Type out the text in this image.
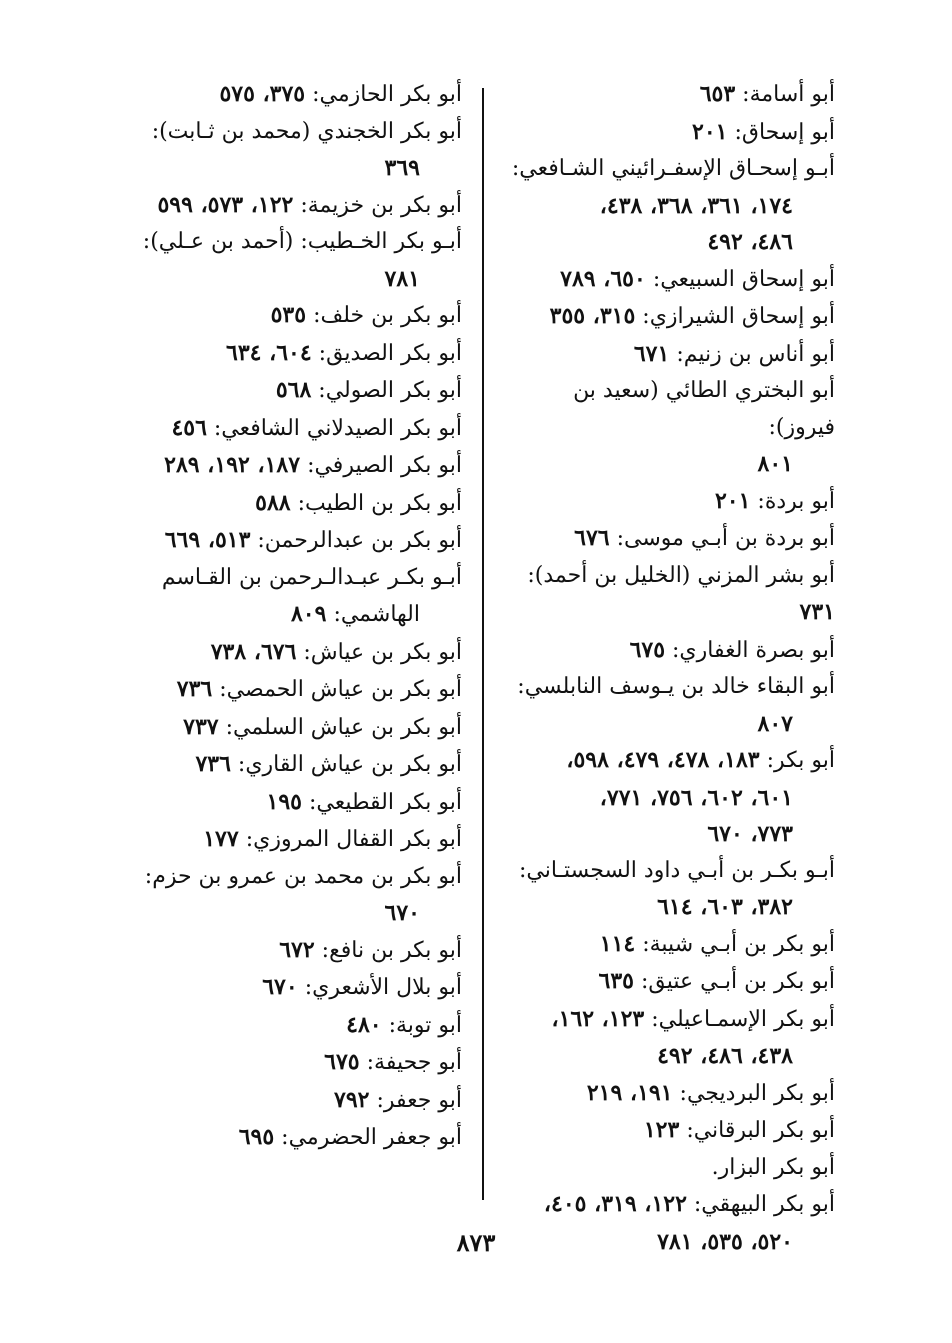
أبو أسامة: ٦٥٣
أبو إسحاق: ٢٠١
أبـو إسحـاق الإسفـرائيني الشـافعي:
١٧٤، ٣٦١، ٣٦٨، ٤٣٨،
٤٨٦، ٤٩٢
أبو إسحاق السبيعي: ٦٥٠، ٧٨٩
أبو إسحاق الشيرازي: ٣١٥، ٣٥٥
أبو أناس بن زنيم: ٦٧١
أبو البختري الطائي (سعيد بن فيروز):
٨٠١
أبو بردة: ٢٠١
أبو بردة بن أبـي موسى: ٦٧٦
أبو بشر المزني (الخليل بن أحمد): ٧٣١
أبو بصرة الغفاري: ٦٧٥
أبو البقاء خالد بن يـوسف النابلسي:
٨٠٧
أبو بكر: ١٨٣، ٤٧٨، ٤٧٩، ٥٩٨،
٦٠١، ٦٠٢، ٧٥٦، ٧٧١،
٧٧٣، ٦٧٠
أبـو بكـر بن أبـي داود السجستـاني:
٣٨٢، ٦٠٣، ٦١٤
أبو بكر بن أبـي شيبة: ١١٤
أبو بكر بن أبـي عتيق: ٦٣٥
أبو بكر الإسمـاعيلي: ١٢٣، ١٦٢،
٤٣٨، ٤٨٦، ٤٩٢
أبو بكر البرديجي: ١٩١، ٢١٩
أبو بكر البرقاني: ١٢٣
أبو بكر البزار.
أبو بكر البيهقي: ١٢٢، ٣١٩، ٤٠٥،
٥٢٠، ٥٣٥، ٧٨١
أبو بكر الحازمي: ٣٧٥، ٥٧٥
أبو بكر الخجندي (محمد بن ثـابت):
٣٦٩
أبو بكر بن خزيمة: ١٢٢، ٥٧٣، ٥٩٩
أبـو بكر الخـطيب: (أحمد بن عـلي):
٧٨١
أبو بكر بن خلف: ٥٣٥
أبو بكر الصديق: ٦٠٤، ٦٣٤
أبو بكر الصولي: ٥٦٨
أبو بكر الصيدلاني الشافعي: ٤٥٦
أبو بكر الصيرفي: ١٨٧، ١٩٢، ٢٨٩
أبو بكر بن الطيب: ٥٨٨
أبو بكر بن عبدالرحمن: ٥١٣، ٦٦٩
أبـو بكـر عبـدالـرحمن بن القـاسم
الهاشمي: ٨٠٩
أبو بكر بن عياش: ٦٧٦، ٧٣٨
أبو بكر بن عياش الحمصي: ٧٣٦
أبو بكر بن عياش السلمي: ٧٣٧
أبو بكر بن عياش القاري: ٧٣٦
أبو بكر القطيعي: ١٩٥
أبو بكر القفال المروزي: ١٧٧
أبو بكر بن محمد بن عمرو بن حزم:
٦٧٠
أبو بكر بن نافع: ٦٧٢
أبو بلال الأشعري: ٦٧٠
أبو توبة: ٤٨٠
أبو جحيفة: ٦٧٥
أبو جعفر: ٧٩٢
أبو جعفر الحضرمي: ٦٩٥
٨٧٣
